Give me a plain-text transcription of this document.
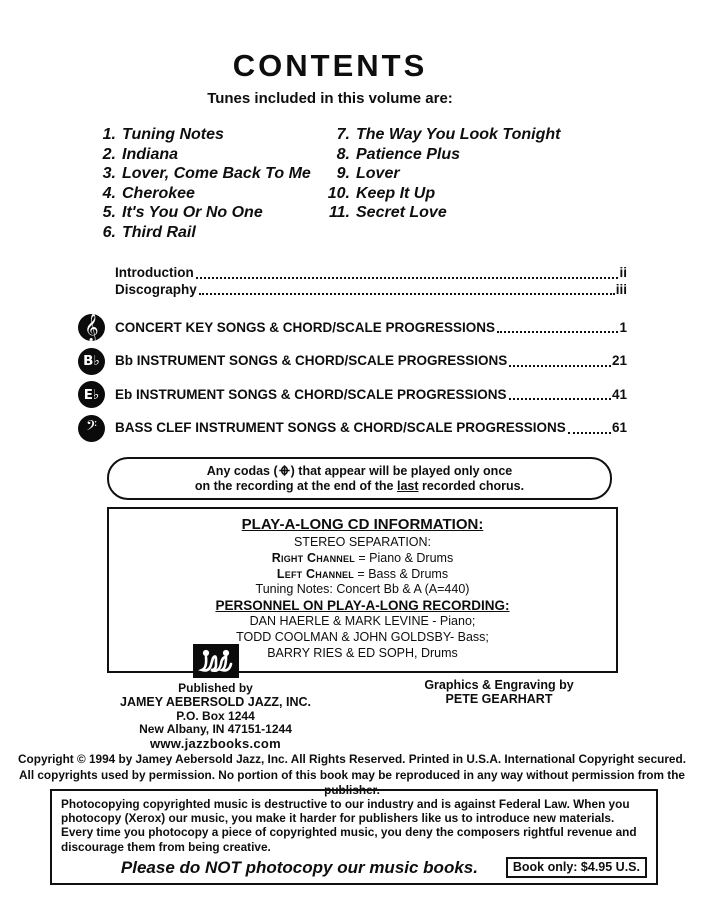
CONTENTS
Tunes included in this volume are:
1. Tuning Notes
2. Indiana
3. Lover, Come Back To Me
4. Cherokee
5. It's You Or No One
6. Third Rail
7. The Way You Look Tonight
8. Patience Plus
9. Lover
10. Keep It Up
11. Secret Love
Introduction	ii
Discography	iii
𝄞 CONCERT KEY SONGS & CHORD/SCALE PROGRESSIONS	1
B♭ Bb INSTRUMENT SONGS & CHORD/SCALE PROGRESSIONS	21
E♭ Eb INSTRUMENT SONGS & CHORD/SCALE PROGRESSIONS	41
𝄢 BASS CLEF INSTRUMENT SONGS & CHORD/SCALE PROGRESSIONS	61
Any codas ( ) that appear will be played only once
on the recording at the end of the last recorded chorus.
PLAY-A-LONG CD INFORMATION:
STEREO SEPARATION:
Right Channel = Piano & Drums
Left Channel = Bass & Drums
Tuning Notes: Concert Bb & A (A=440)
PERSONNEL ON PLAY-A-LONG RECORDING:
DAN HAERLE & MARK LEVINE - Piano;
TODD COOLMAN & JOHN GOLDSBY- Bass;
BARRY RIES & ED SOPH, Drums
Published by
JAMEY AEBERSOLD JAZZ, INC.
P.O. Box 1244
New Albany, IN 47151-1244
www.jazzbooks.com
Graphics & Engraving by
PETE GEARHART
Copyright © 1994 by Jamey Aebersold Jazz, Inc. All Rights Reserved. Printed in U.S.A. International Copyright secured.
All copyrights used by permission. No portion of this book may be reproduced in any way without permission from the publisher.
Photocopying copyrighted music is destructive to our industry and is against Federal Law. When you photocopy (Xerox) our music, you make it harder for publishers like us to introduce new materials. Every time you photocopy a piece of copyrighted music, you deny the composers rightful revenue and discourage them from being creative.
Please do NOT photocopy our music books.	Book only: $4.95 U.S.
